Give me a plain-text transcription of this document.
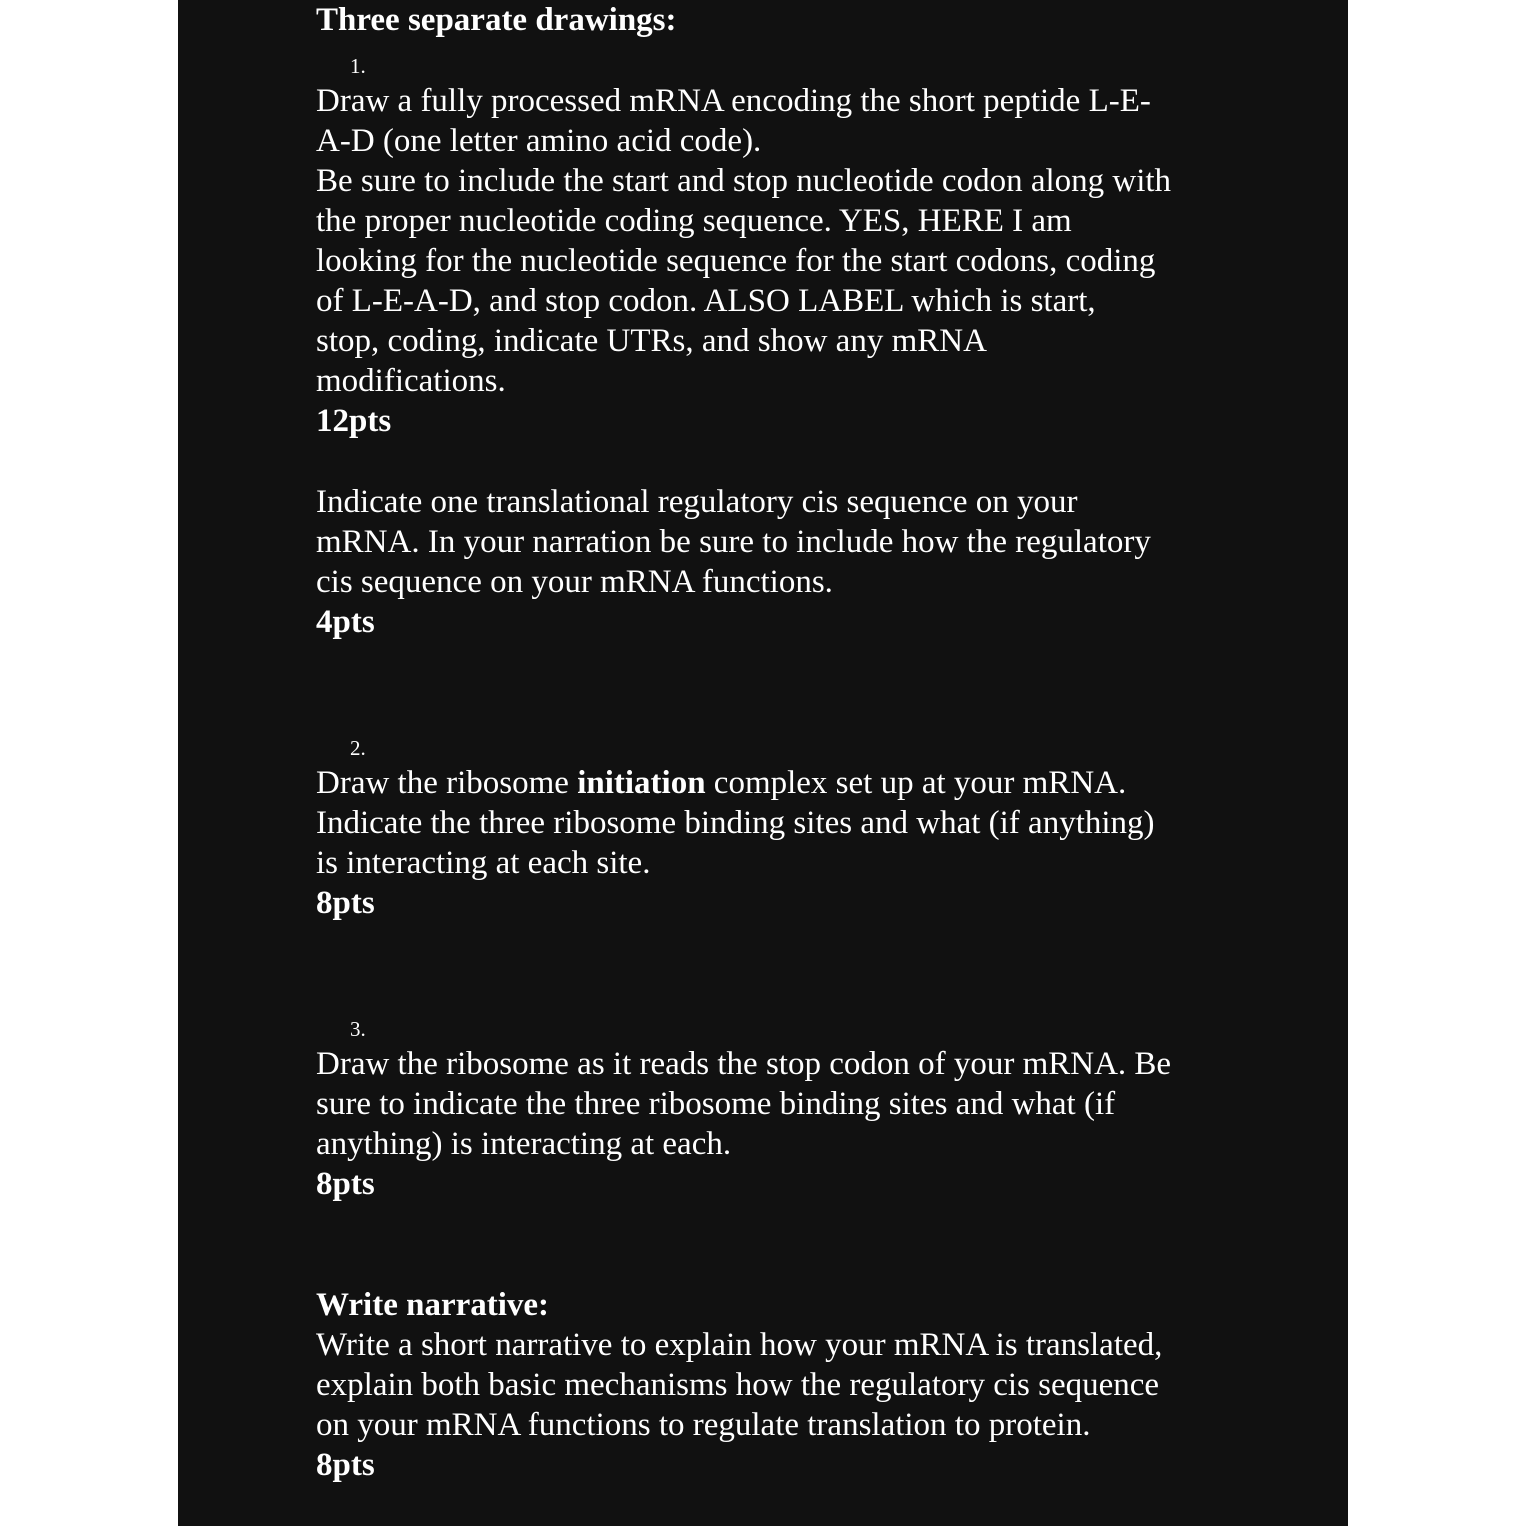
Three separate drawings:

1.

Draw a fully processed mRNA encoding the short peptide L-E-

A-D (one letter amino acid code).

Be sure to include the start and stop nucleotide codon along with

the proper nucleotide coding sequence. YES, HERE I am

looking for the nucleotide sequence for the start codons, coding

of L-E-A-D, and stop codon. ALSO LABEL which is start,

stop, coding, indicate UTRs, and show any mRNA

modifications.

12pts

Indicate one translational regulatory cis sequence on your

mRNA. In your narration be sure to include how the regulatory

cis sequence on your mRNA functions.

4pts

2.

Draw the ribosome initiation complex set up at your mRNA.

Indicate the three ribosome binding sites and what (if anything)

is interacting at each site.

8pts

3.

Draw the ribosome as it reads the stop codon of your mRNA. Be

sure to indicate the three ribosome binding sites and what (if

anything) is interacting at each.

8pts

Write narrative:

Write a short narrative to explain how your mRNA is translated,

explain both basic mechanisms how the regulatory cis sequence

on your mRNA functions to regulate translation to protein.

8pts
